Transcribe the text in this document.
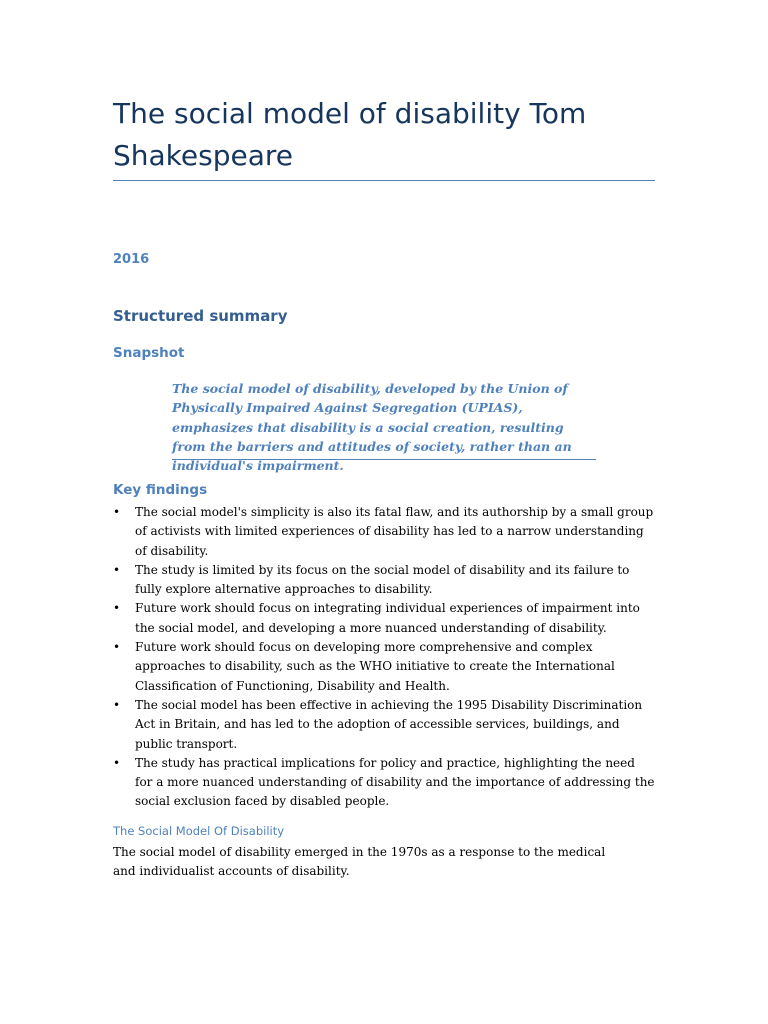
The social model of disability Tom Shakespeare
2016
Structured summary
Snapshot
The social model of disability, developed by the Union of Physically Impaired Against Segregation (UPIAS), emphasizes that disability is a social creation, resulting from the barriers and attitudes of society, rather than an individual's impairment.
Key findings
• The social model's simplicity is also its fatal flaw, and its authorship by a small group of activists with limited experiences of disability has led to a narrow understanding of disability.
• The study is limited by its focus on the social model of disability and its failure to fully explore alternative approaches to disability.
• Future work should focus on integrating individual experiences of impairment into the social model, and developing a more nuanced understanding of disability.
• Future work should focus on developing more comprehensive and complex approaches to disability, such as the WHO initiative to create the International Classification of Functioning, Disability and Health.
• The social model has been effective in achieving the 1995 Disability Discrimination Act in Britain, and has led to the adoption of accessible services, buildings, and public transport.
• The study has practical implications for policy and practice, highlighting the need for a more nuanced understanding of disability and the importance of addressing the social exclusion faced by disabled people.
The Social Model Of Disability

The social model of disability emerged in the 1970s as a response to the medical and individualist accounts of disability.
